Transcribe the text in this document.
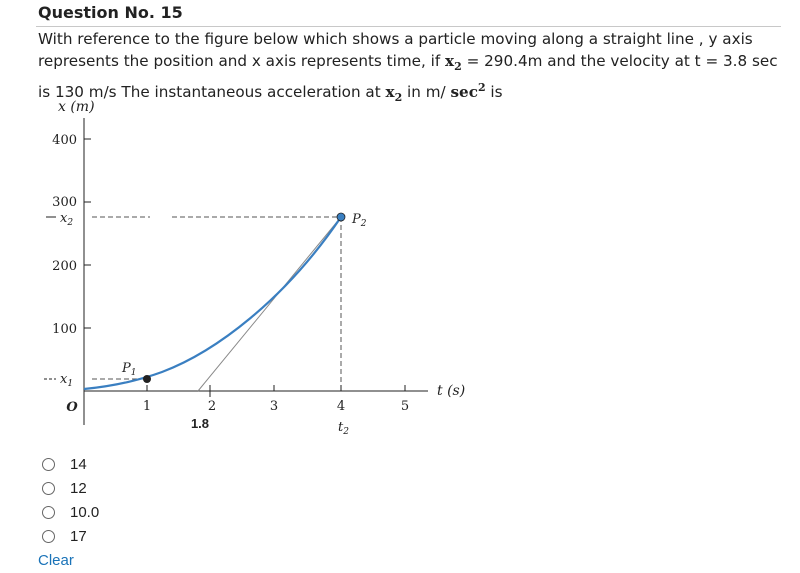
Question No. 15
With reference to the figure below which shows a particle moving along a straight line , y axis represents the position and x axis represents time, if $x_2 = 290.4m$ and the velocity at t = 3.8 sec is 130 m/s The instantaneous acceleration at $x_2$ in m/ $\sec^2$ is
x (m)
400
300
200
100
$x_2$
$x_1$
1	2	3	4	5
t (s)
O
1.8	$t_2$
$P_1$
$P_2$
14
12
10.0
17
Clear
